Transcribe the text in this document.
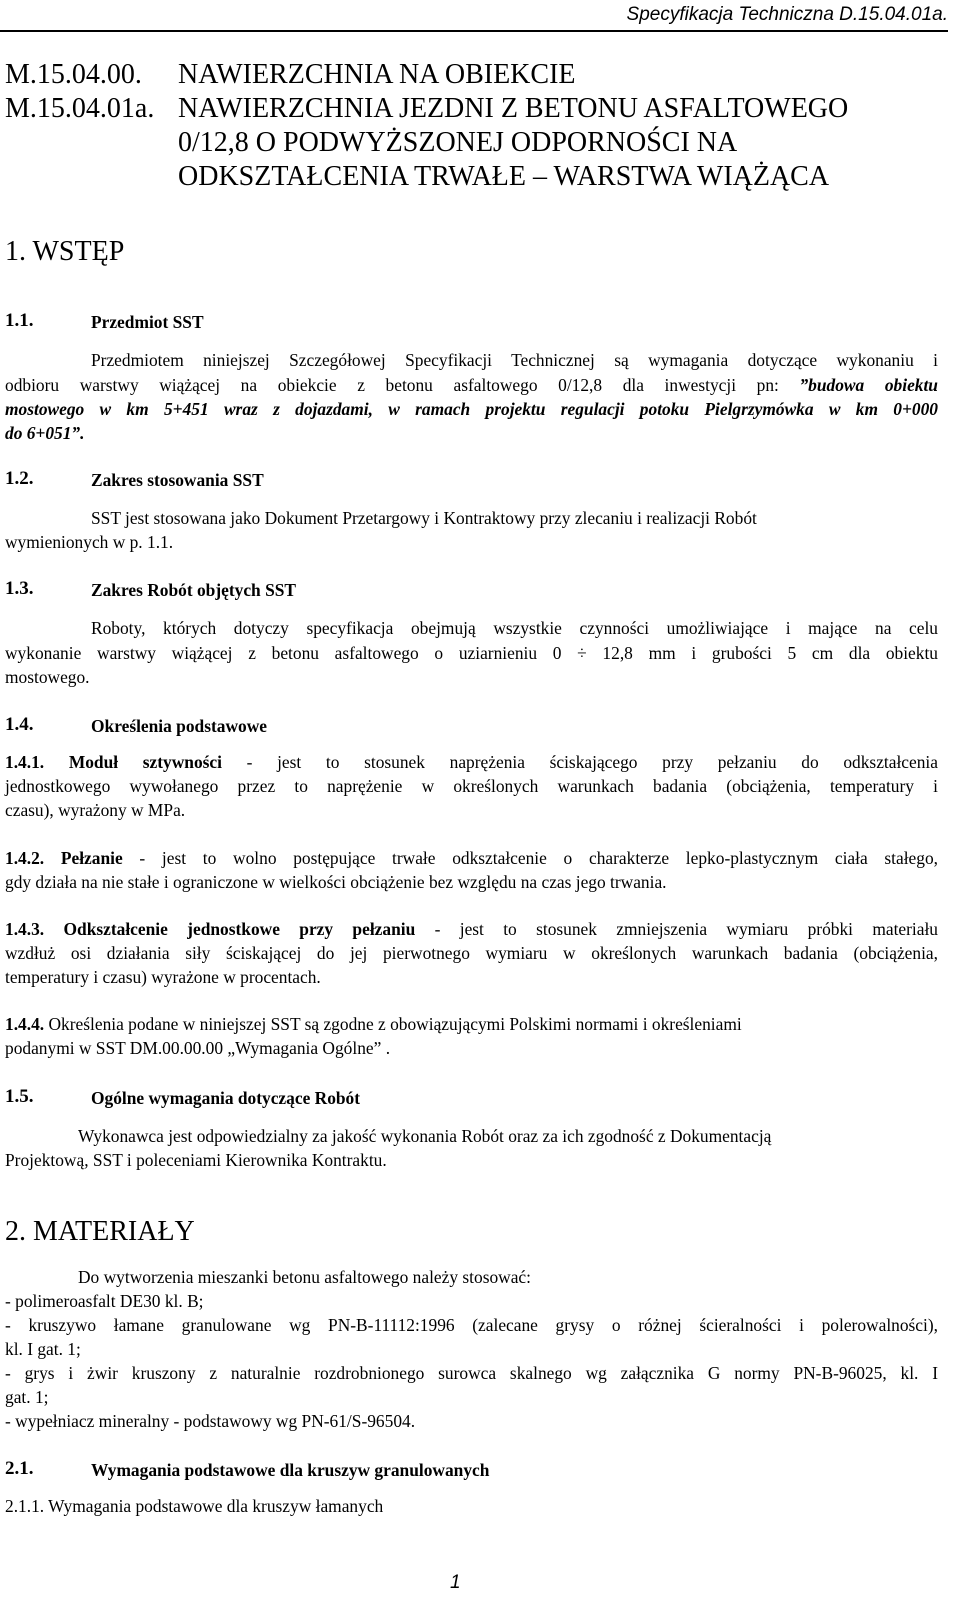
Specyfikacja Techniczna D.15.04.01a.
M.15.04.00. NAWIERZCHNIA NA OBIEKCIE
M.15.04.01a. NAWIERZCHNIA JEZDNI Z BETONU ASFALTOWEGO
0/12,8 O PODWYŻSZONEJ ODPORNOŚCI NA
ODKSZTAŁCENIA TRWAŁE – WARSTWA WIĄŻĄCA
1. WSTĘP
1.1.	Przedmiot SST
Przedmiotem niniejszej Szczegółowej Specyfikacji Technicznej są wymagania dotyczące wykonaniu i
odbioru warstwy wiążącej na obiekcie z betonu asfaltowego 0/12,8 dla inwestycji pn: ”budowa obiektu
mostowego w km 5+451 wraz z dojazdami, w ramach projektu regulacji potoku Pielgrzymówka w km 0+000
do 6+051”.
1.2.	Zakres stosowania SST
SST jest stosowana jako Dokument Przetargowy i Kontraktowy przy zlecaniu i realizacji Robót
wymienionych w p. 1.1.
1.3.	Zakres Robót objętych SST
Roboty, których dotyczy specyfikacja obejmują wszystkie czynności umożliwiające i mające na celu
wykonanie warstwy wiążącej z betonu asfaltowego o uziarnieniu 0 ÷ 12,8 mm i grubości 5 cm dla obiektu
mostowego.
1.4.	Określenia podstawowe
1.4.1. Moduł sztywności - jest to stosunek naprężenia ściskającego przy pełzaniu do odkształcenia
jednostkowego wywołanego przez to naprężenie w określonych warunkach badania (obciążenia, temperatury i
czasu), wyrażony w MPa.
1.4.2. Pełzanie - jest to wolno postępujące trwałe odkształcenie o charakterze lepko-plastycznym ciała stałego,
gdy działa na nie stałe i ograniczone w wielkości obciążenie bez względu na czas jego trwania.
1.4.3. Odkształcenie jednostkowe przy pełzaniu - jest to stosunek zmniejszenia wymiaru próbki materiału
wzdłuż osi działania siły ściskającej do jej pierwotnego wymiaru w określonych warunkach badania (obciążenia,
temperatury i czasu) wyrażone w procentach.
1.4.4. Określenia podane w niniejszej SST są zgodne z obowiązującymi Polskimi normami i określeniami
podanymi w SST DM.00.00.00 „Wymagania Ogólne” .
1.5.	Ogólne wymagania dotyczące Robót
Wykonawca jest odpowiedzialny za jakość wykonania Robót oraz za ich zgodność z Dokumentacją
Projektową, SST i poleceniami Kierownika Kontraktu.
2. MATERIAŁY
Do wytworzenia mieszanki betonu asfaltowego należy stosować:
- polimeroasfalt DE30 kl. B;
- kruszywo łamane granulowane wg PN-B-11112:1996 (zalecane grysy o różnej ścieralności i polerowalności),
kl. I gat. 1;
- grys i żwir kruszony z naturalnie rozdrobnionego surowca skalnego wg załącznika G normy PN-B-96025, kl. I
gat. 1;
- wypełniacz mineralny - podstawowy wg PN-61/S-96504.
2.1.	Wymagania podstawowe dla kruszyw granulowanych
2.1.1. Wymagania podstawowe dla kruszyw łamanych
1
